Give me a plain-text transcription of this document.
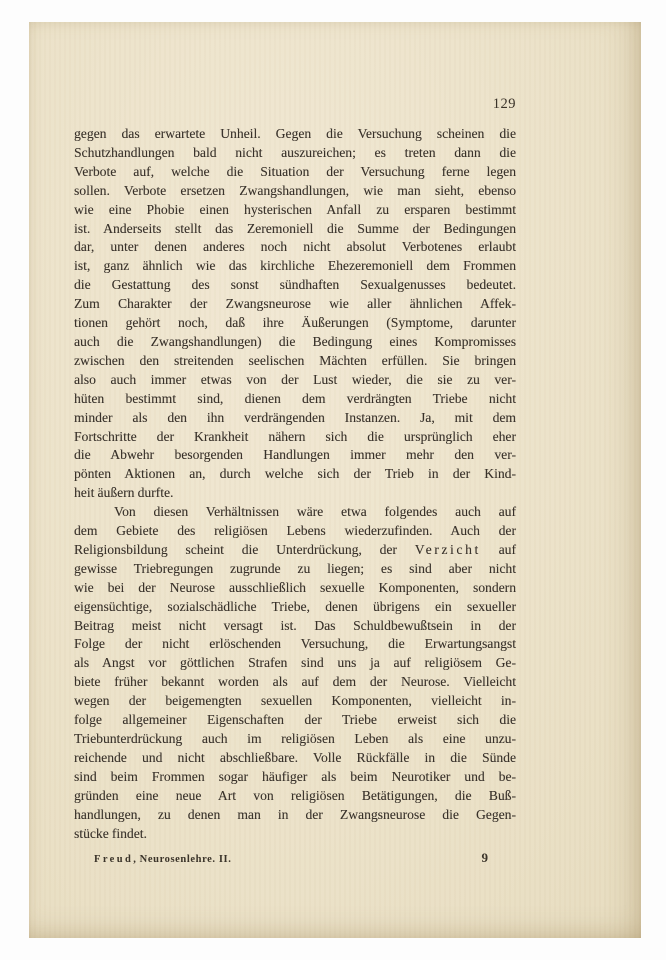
129
gegen das erwartete Unheil. Gegen die Versuchung scheinen die
Schutzhandlungen bald nicht auszureichen; es treten dann die
Verbote auf, welche die Situation der Versuchung ferne legen
sollen. Verbote ersetzen Zwangshandlungen, wie man sieht, ebenso
wie eine Phobie einen hysterischen Anfall zu ersparen bestimmt
ist. Anderseits stellt das Zeremoniell die Summe der Bedingungen
dar, unter denen anderes noch nicht absolut Verbotenes erlaubt
ist, ganz ähnlich wie das kirchliche Ehezeremoniell dem Frommen
die Gestattung des sonst sündhaften Sexualgenusses bedeutet.
Zum Charakter der Zwangsneurose wie aller ähnlichen Affek-
tionen gehört noch, daß ihre Äußerungen (Symptome, darunter
auch die Zwangshandlungen) die Bedingung eines Kompromisses
zwischen den streitenden seelischen Mächten erfüllen. Sie bringen
also auch immer etwas von der Lust wieder, die sie zu ver-
hüten bestimmt sind, dienen dem verdrängten Triebe nicht
minder als den ihn verdrängenden Instanzen. Ja, mit dem
Fortschritte der Krankheit nähern sich die ursprünglich eher
die Abwehr besorgenden Handlungen immer mehr den ver-
pönten Aktionen an, durch welche sich der Trieb in der Kind-
heit äußern durfte.
Von diesen Verhältnissen wäre etwa folgendes auch auf
dem Gebiete des religiösen Lebens wiederzufinden. Auch der
Religionsbildung scheint die Unterdrückung, der Verzicht auf
gewisse Triebregungen zugrunde zu liegen; es sind aber nicht
wie bei der Neurose ausschließlich sexuelle Komponenten, sondern
eigensüchtige, sozialschädliche Triebe, denen übrigens ein sexueller
Beitrag meist nicht versagt ist. Das Schuldbewußtsein in der
Folge der nicht erlöschenden Versuchung, die Erwartungsangst
als Angst vor göttlichen Strafen sind uns ja auf religiösem Ge-
biete früher bekannt worden als auf dem der Neurose. Vielleicht
wegen der beigemengten sexuellen Komponenten, vielleicht in-
folge allgemeiner Eigenschaften der Triebe erweist sich die
Triebunterdrückung auch im religiösen Leben als eine unzu-
reichende und nicht abschließbare. Volle Rückfälle in die Sünde
sind beim Frommen sogar häufiger als beim Neurotiker und be-
gründen eine neue Art von religiösen Betätigungen, die Buß-
handlungen, zu denen man in der Zwangsneurose die Gegen-
stücke findet.
Freud, Neurosenlehre. II.	9
